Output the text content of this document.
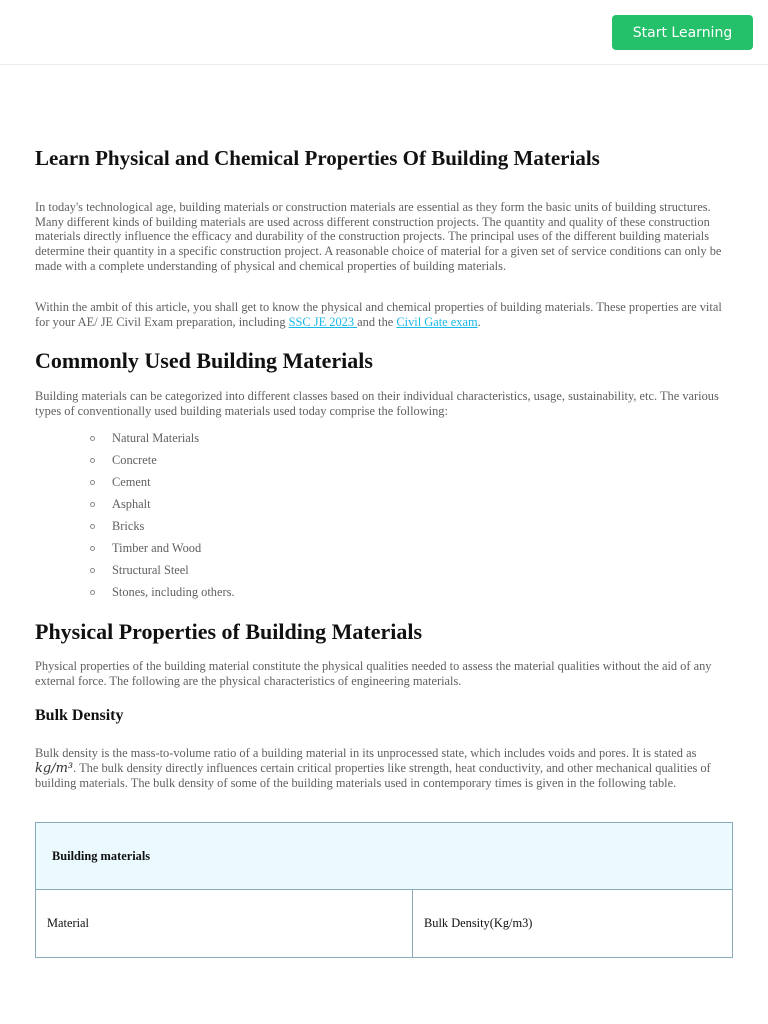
Start Learning
Learn Physical and Chemical Properties Of Building Materials

In today's technological age, building materials or construction materials are essential as they form the basic units of building structures. Many different kinds of building materials are used across different construction projects. The quantity and quality of these construction materials directly influence the efficacy and durability of the construction projects. The principal uses of the different building materials determine their quantity in a specific construction project. A reasonable choice of material for a given set of service conditions can only be made with a complete understanding of physical and chemical properties of building materials.

Within the ambit of this article, you shall get to know the physical and chemical properties of building materials. These properties are vital for your AE/ JE Civil Exam preparation, including SSC JE 2023 and the Civil Gate exam.

Commonly Used Building Materials

Building materials can be categorized into different classes based on their individual characteristics, usage, sustainability, etc. The various types of conventionally used building materials used today comprise the following:

Physical Properties of Building Materials

Physical properties of the building material constitute the physical qualities needed to assess the material qualities without the aid of any external force. The following are the physical characteristics of engineering materials.

Bulk Density

Bulk density is the mass-to-volume ratio of a building material in its unprocessed state, which includes voids and pores. It is stated as kg/m³. The bulk density directly influences certain critical properties like strength, heat conductivity, and other mechanical qualities of building materials. The bulk density of some of the building materials used in contemporary times is given in the following table.

Natural Materials
Concrete
Cement
Asphalt
Bricks
Timber and Wood
Structural Steel
Stones, including others.
Building materials
Material	Bulk Density(Kg/m3)
